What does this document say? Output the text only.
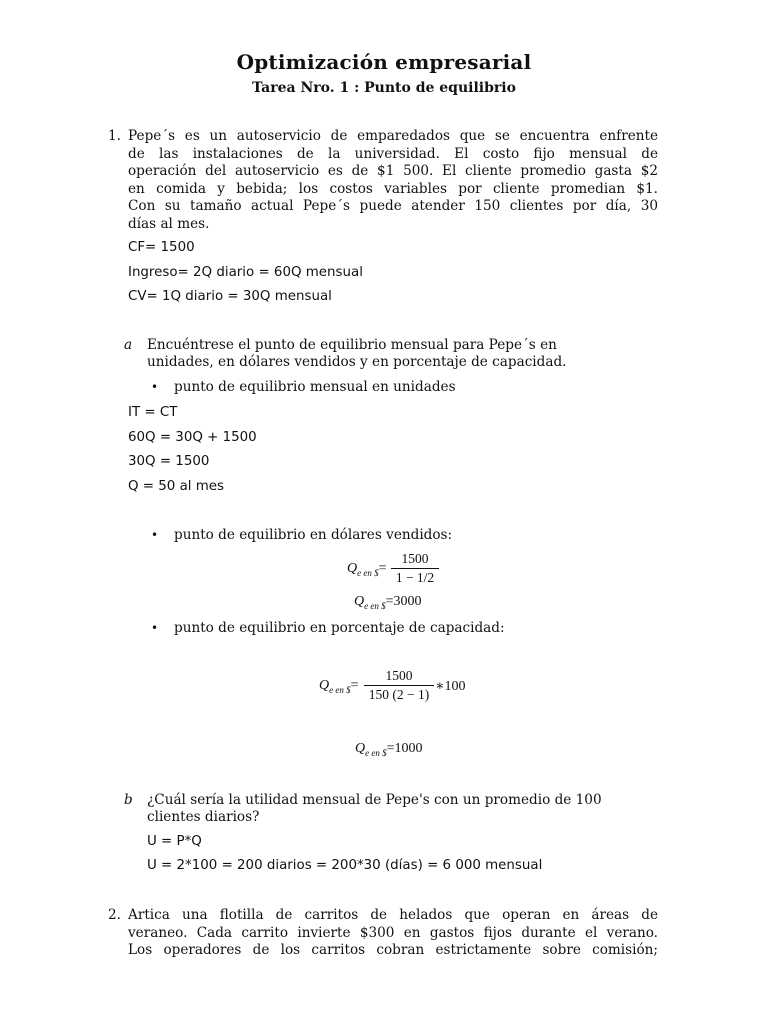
Optimización empresarial
Tarea Nro. 1 : Punto de equilibrio
1. Pepe´s es un autoservicio de emparedados que se encuentra enfrente
de las instalaciones de la universidad. El costo fijo mensual de
operación del autoservicio es de $1 500. El cliente promedio gasta $2
en comida y bebida; los costos variables por cliente promedian $1.
Con su tamaño actual Pepe´s puede atender 150 clientes por día, 30
días al mes.
CF= 1500
Ingreso= 2Q diario = 60Q mensual
CV= 1Q diario = 30Q mensual
a Encuéntrese el punto de equilibrio mensual para Pepe´s en
unidades, en dólares vendidos y en porcentaje de capacidad.
• punto de equilibrio mensual en unidades
IT = CT
60Q = 30Q + 1500
30Q = 1500
Q = 50 al mes
• punto de equilibrio en dólares vendidos:
$Q_{e en \$}=$
1500
1 − 1/2
$Q_{e en \$}=3000$
• punto de equilibrio en porcentaje de capacidad:
$Q_{e en \$}=$
1500
150 (2 − 1)
∗100
$Q_{e en \$}=1000$
b ¿Cuál sería la utilidad mensual de Pepe's con un promedio de 100
clientes diarios?
U = P*Q
U = 2*100 = 200 diarios = 200*30 (días) = 6 000 mensual
2. Artica una flotilla de carritos de helados que operan en áreas de
veraneo. Cada carrito invierte $300 en gastos fijos durante el verano.
Los operadores de los carritos cobran estrictamente sobre comisión;
